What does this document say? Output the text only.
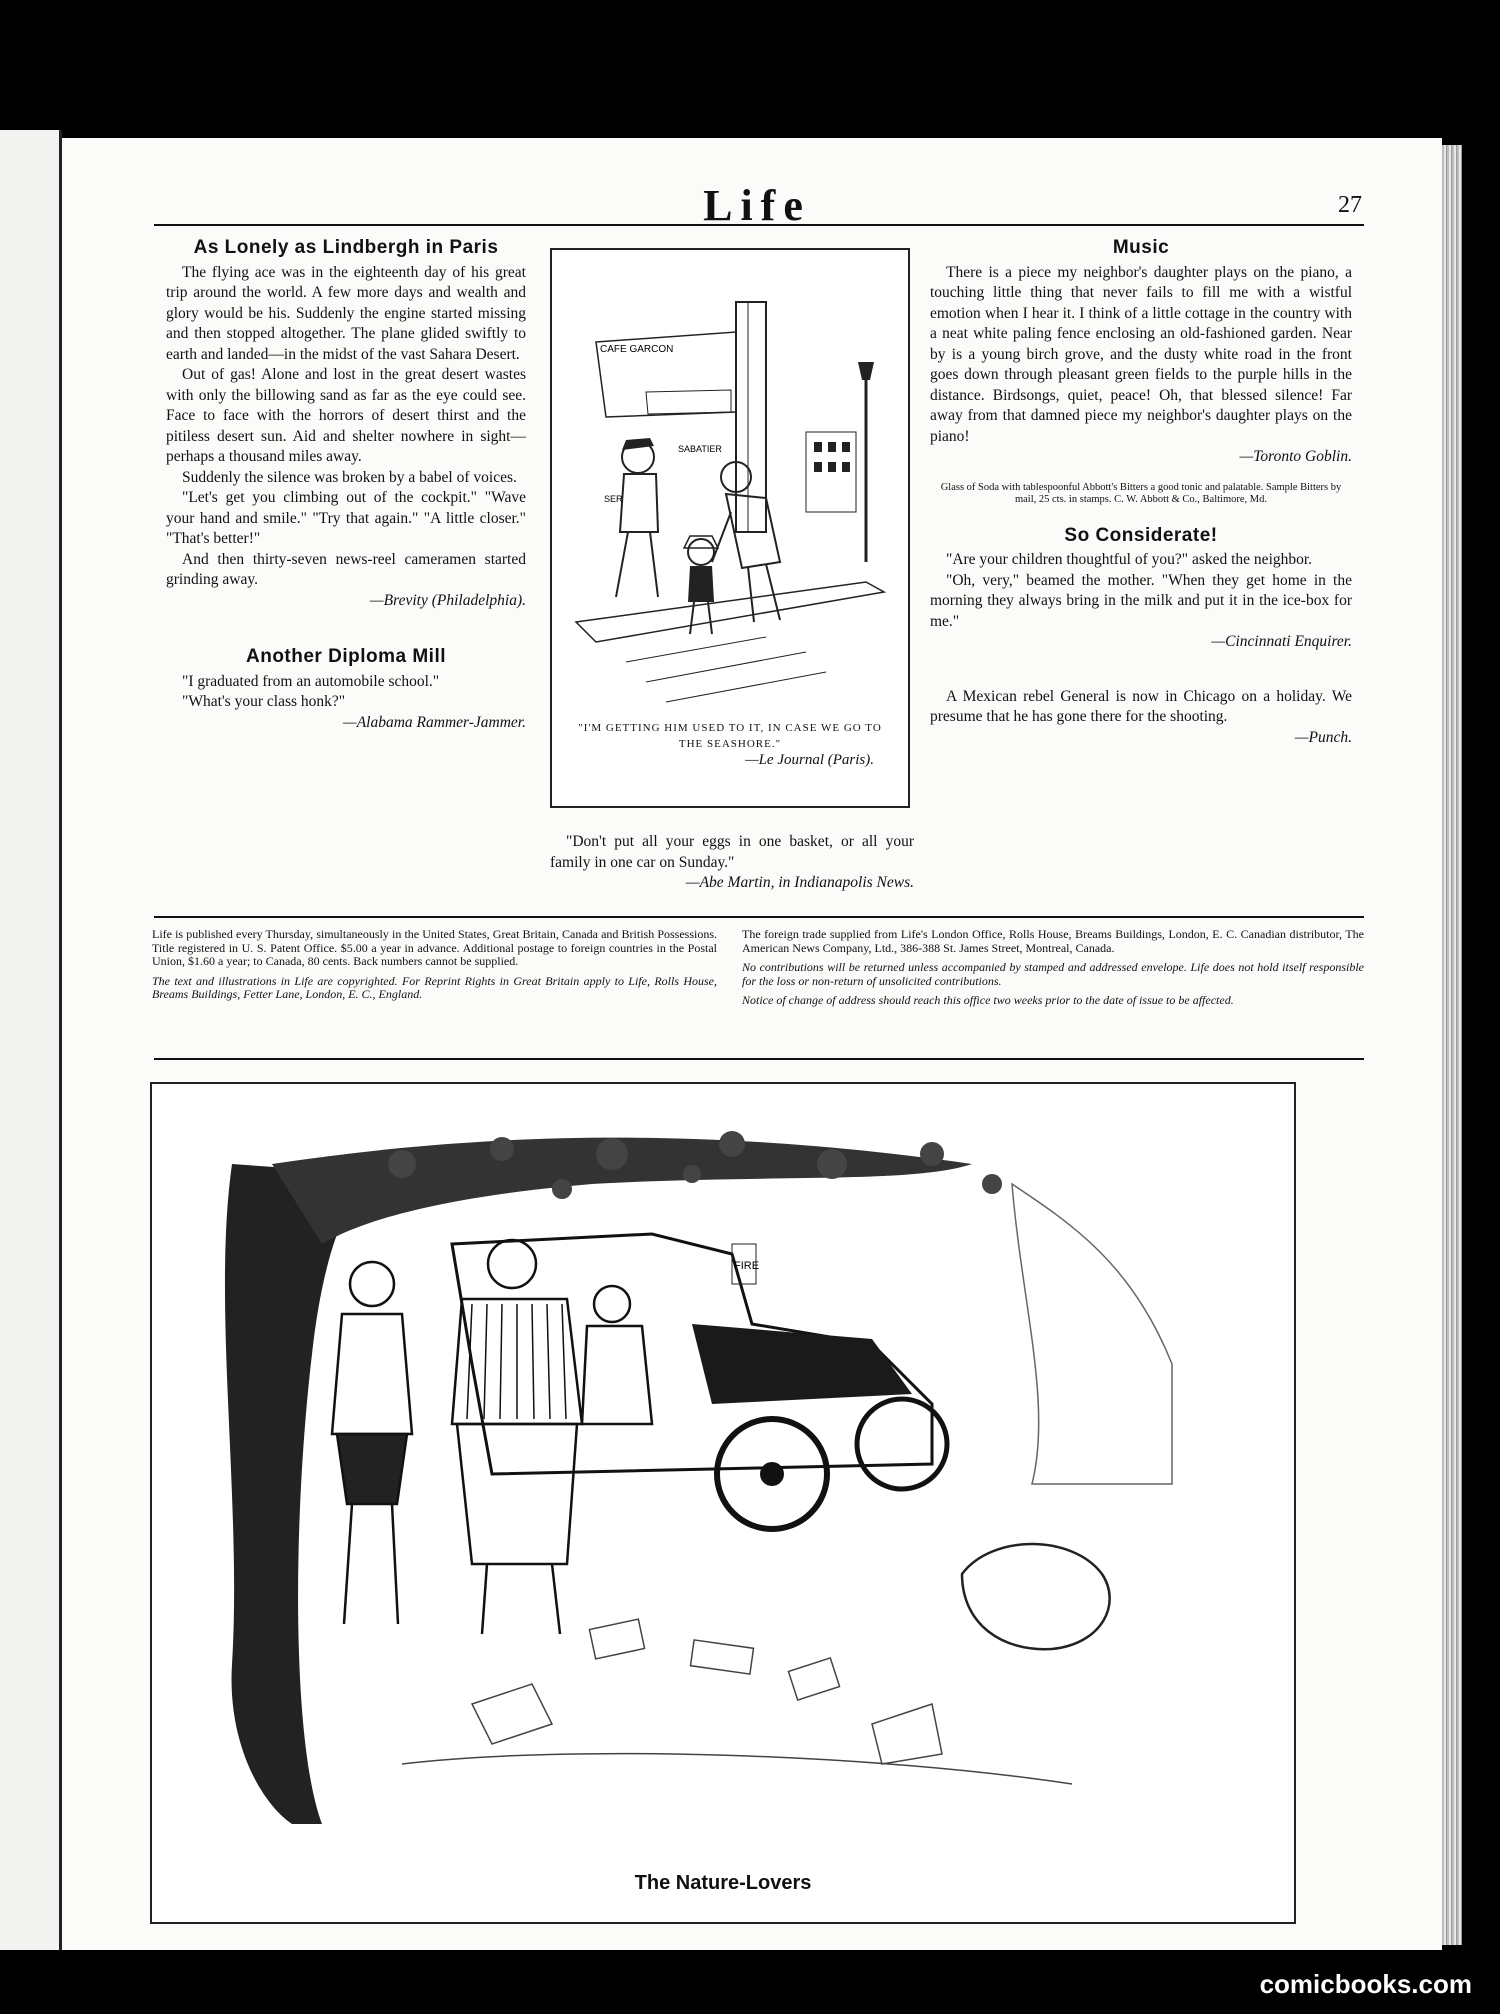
Life	27
As Lonely as Lindbergh in Paris

The flying ace was in the eighteenth day of his great trip around the world. A few more days and wealth and glory would be his. Suddenly the engine started missing and then stopped altogether. The plane glided swiftly to earth and landed—in the midst of the vast Sahara Desert.

Out of gas! Alone and lost in the great desert wastes with only the billowing sand as far as the eye could see. Face to face with the horrors of desert thirst and the pitiless desert sun. Aid and shelter nowhere in sight—perhaps a thousand miles away.

Suddenly the silence was broken by a babel of voices.

"Let's get you climbing out of the cockpit." "Wave your hand and smile." "Try that again." "A little closer." "That's better!"

And then thirty-seven news-reel cameramen started grinding away.

—Brevity (Philadelphia).

Another Diploma Mill

"I graduated from an automobile school."

"What's your class honk?"

—Alabama Rammer-Jammer.

CAFE GARCON
SABATIER
SER
"I'M GETTING HIM USED TO IT, IN CASE WE GO TO THE SEASHORE."
—Le Journal (Paris).

"Don't put all your eggs in one basket, or all your family in one car on Sunday."

—Abe Martin, in Indianapolis News.

Music

There is a piece my neighbor's daughter plays on the piano, a touching little thing that never fails to fill me with a wistful emotion when I hear it. I think of a little cottage in the country with a neat white paling fence enclosing an old-fashioned garden. Near by is a young birch grove, and the dusty white road in the front goes down through pleasant green fields to the purple hills in the distance. Birdsongs, quiet, peace! Oh, that blessed silence! Far away from that damned piece my neighbor's daughter plays on the piano!

—Toronto Goblin.

Glass of Soda with tablespoonful Abbott's Bitters a good tonic and palatable. Sample Bitters by mail, 25 cts. in stamps. C. W. Abbott & Co., Baltimore, Md.
So Considerate!

"Are your children thoughtful of you?" asked the neighbor.

"Oh, very," beamed the mother. "When they get home in the morning they always bring in the milk and put it in the ice-box for me."

—Cincinnati Enquirer.

A Mexican rebel General is now in Chicago on a holiday. We presume that he has gone there for the shooting.

—Punch.

Life is published every Thursday, simultaneously in the United States, Great Britain, Canada and British Possessions. Title registered in U. S. Patent Office. $5.00 a year in advance. Additional postage to foreign countries in the Postal Union, $1.60 a year; to Canada, 80 cents. Back numbers cannot be supplied.

The text and illustrations in Life are copyrighted. For Reprint Rights in Great Britain apply to Life, Rolls House, Breams Buildings, Fetter Lane, London, E. C., England.

The foreign trade supplied from Life's London Office, Rolls House, Breams Buildings, London, E. C. Canadian distributor, The American News Company, Ltd., 386-388 St. James Street, Montreal, Canada.

No contributions will be returned unless accompanied by stamped and addressed envelope. Life does not hold itself responsible for the loss or non-return of unsolicited contributions.

Notice of change of address should reach this office two weeks prior to the date of issue to be affected.

FIRE
The Nature-Lovers
comicbooks.com
